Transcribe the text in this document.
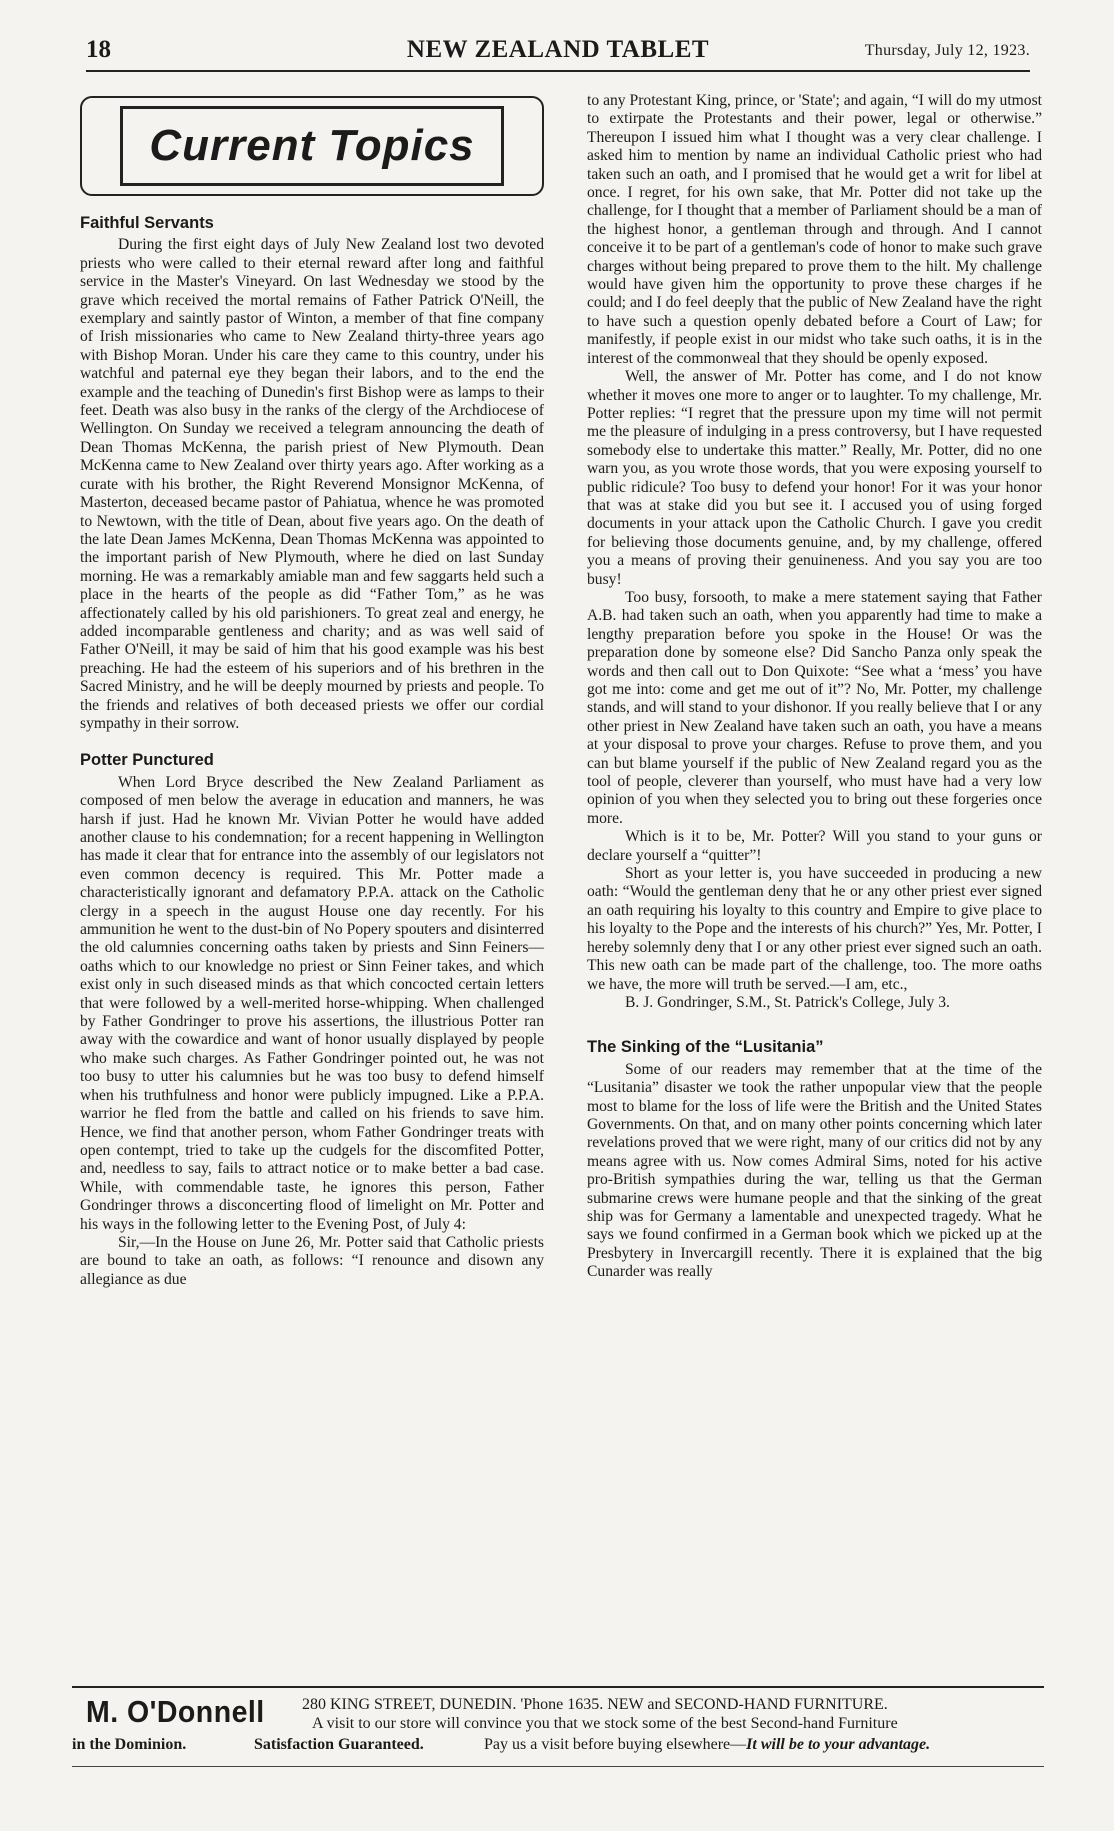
18	NEW ZEALAND TABLET	Thursday, July 12, 1923.
Current Topics
Faithful Servants

During the first eight days of July New Zealand lost two devoted priests who were called to their eternal reward after long and faithful service in the Master's Vineyard. On last Wednesday we stood by the grave which received the mortal remains of Father Patrick O'Neill, the exemplary and saintly pastor of Winton, a member of that fine company of Irish missionaries who came to New Zealand thirty-three years ago with Bishop Moran. Under his care they came to this country, under his watchful and paternal eye they began their labors, and to the end the example and the teaching of Dunedin's first Bishop were as lamps to their feet. Death was also busy in the ranks of the clergy of the Archdiocese of Wellington. On Sunday we received a telegram announcing the death of Dean Thomas McKenna, the parish priest of New Plymouth. Dean McKenna came to New Zealand over thirty years ago. After working as a curate with his brother, the Right Reverend Monsignor McKenna, of Masterton, deceased became pastor of Pahiatua, whence he was promoted to Newtown, with the title of Dean, about five years ago. On the death of the late Dean James McKenna, Dean Thomas McKenna was appointed to the important parish of New Plymouth, where he died on last Sunday morning. He was a remarkably amiable man and few saggarts held such a place in the hearts of the people as did “Father Tom,” as he was affectionately called by his old parishioners. To great zeal and energy, he added incomparable gentleness and charity; and as was well said of Father O'Neill, it may be said of him that his good example was his best preaching. He had the esteem of his superiors and of his brethren in the Sacred Ministry, and he will be deeply mourned by priests and people. To the friends and relatives of both deceased priests we offer our cordial sympathy in their sorrow.

Potter Punctured

When Lord Bryce described the New Zealand Parliament as composed of men below the average in education and manners, he was harsh if just. Had he known Mr. Vivian Potter he would have added another clause to his condemnation; for a recent happening in Wellington has made it clear that for entrance into the assembly of our legislators not even common decency is required. This Mr. Potter made a characteristically ignorant and defamatory P.P.A. attack on the Catholic clergy in a speech in the august House one day recently. For his ammunition he went to the dust-bin of No Popery spouters and disinterred the old calumnies concerning oaths taken by priests and Sinn Feiners—oaths which to our knowledge no priest or Sinn Feiner takes, and which exist only in such diseased minds as that which concocted certain letters that were followed by a well-merited horse-whipping. When challenged by Father Gondringer to prove his assertions, the illustrious Potter ran away with the cowardice and want of honor usually displayed by people who make such charges. As Father Gondringer pointed out, he was not too busy to utter his calumnies but he was too busy to defend himself when his truthfulness and honor were publicly impugned. Like a P.P.A. warrior he fled from the battle and called on his friends to save him. Hence, we find that another person, whom Father Gondringer treats with open contempt, tried to take up the cudgels for the discomfited Potter, and, needless to say, fails to attract notice or to make better a bad case. While, with commendable taste, he ignores this person, Father Gondringer throws a disconcerting flood of limelight on Mr. Potter and his ways in the following letter to the Evening Post, of July 4:

Sir,—In the House on June 26, Mr. Potter said that Catholic priests are bound to take an oath, as follows: “I renounce and disown any allegiance as due

to any Protestant King, prince, or 'State'; and again, “I will do my utmost to extirpate the Protestants and their power, legal or otherwise.” Thereupon I issued him what I thought was a very clear challenge. I asked him to mention by name an individual Catholic priest who had taken such an oath, and I promised that he would get a writ for libel at once. I regret, for his own sake, that Mr. Potter did not take up the challenge, for I thought that a member of Parliament should be a man of the highest honor, a gentleman through and through. And I cannot conceive it to be part of a gentleman's code of honor to make such grave charges without being prepared to prove them to the hilt. My challenge would have given him the opportunity to prove these charges if he could; and I do feel deeply that the public of New Zealand have the right to have such a question openly debated before a Court of Law; for manifestly, if people exist in our midst who take such oaths, it is in the interest of the commonweal that they should be openly exposed.

Well, the answer of Mr. Potter has come, and I do not know whether it moves one more to anger or to laughter. To my challenge, Mr. Potter replies: “I regret that the pressure upon my time will not permit me the pleasure of indulging in a press controversy, but I have requested somebody else to undertake this matter.” Really, Mr. Potter, did no one warn you, as you wrote those words, that you were exposing yourself to public ridicule? Too busy to defend your honor! For it was your honor that was at stake did you but see it. I accused you of using forged documents in your attack upon the Catholic Church. I gave you credit for believing those documents genuine, and, by my challenge, offered you a means of proving their genuineness. And you say you are too busy!

Too busy, forsooth, to make a mere statement saying that Father A.B. had taken such an oath, when you apparently had time to make a lengthy preparation before you spoke in the House! Or was the preparation done by someone else? Did Sancho Panza only speak the words and then call out to Don Quixote: “See what a ‘mess’ you have got me into: come and get me out of it”? No, Mr. Potter, my challenge stands, and will stand to your dishonor. If you really believe that I or any other priest in New Zealand have taken such an oath, you have a means at your disposal to prove your charges. Refuse to prove them, and you can but blame yourself if the public of New Zealand regard you as the tool of people, cleverer than yourself, who must have had a very low opinion of you when they selected you to bring out these forgeries once more.

Which is it to be, Mr. Potter? Will you stand to your guns or declare yourself a “quitter”!

Short as your letter is, you have succeeded in producing a new oath: “Would the gentleman deny that he or any other priest ever signed an oath requiring his loyalty to this country and Empire to give place to his loyalty to the Pope and the interests of his church?” Yes, Mr. Potter, I hereby solemnly deny that I or any other priest ever signed such an oath. This new oath can be made part of the challenge, too. The more oaths we have, the more will truth be served.—I am, etc.,

B. J. Gondringer, S.M., St. Patrick's College, July 3.

The Sinking of the “Lusitania”

Some of our readers may remember that at the time of the “Lusitania” disaster we took the rather unpopular view that the people most to blame for the loss of life were the British and the United States Governments. On that, and on many other points concerning which later revelations proved that we were right, many of our critics did not by any means agree with us. Now comes Admiral Sims, noted for his active pro-British sympathies during the war, telling us that the German submarine crews were humane people and that the sinking of the great ship was for Germany a lamentable and unexpected tragedy. What he says we found confirmed in a German book which we picked up at the Presbytery in Invercargill recently. There it is explained that the big Cunarder was really

M. O'Donnell 280 KING STREET, DUNEDIN. 'Phone 1635. NEW and SECOND-HAND FURNITURE.
A visit to our store will convince you that we stock some of the best Second-hand Furniture
in the Dominion.	Satisfaction Guaranteed.	Pay us a visit before buying elsewhere—It will be to your advantage.
